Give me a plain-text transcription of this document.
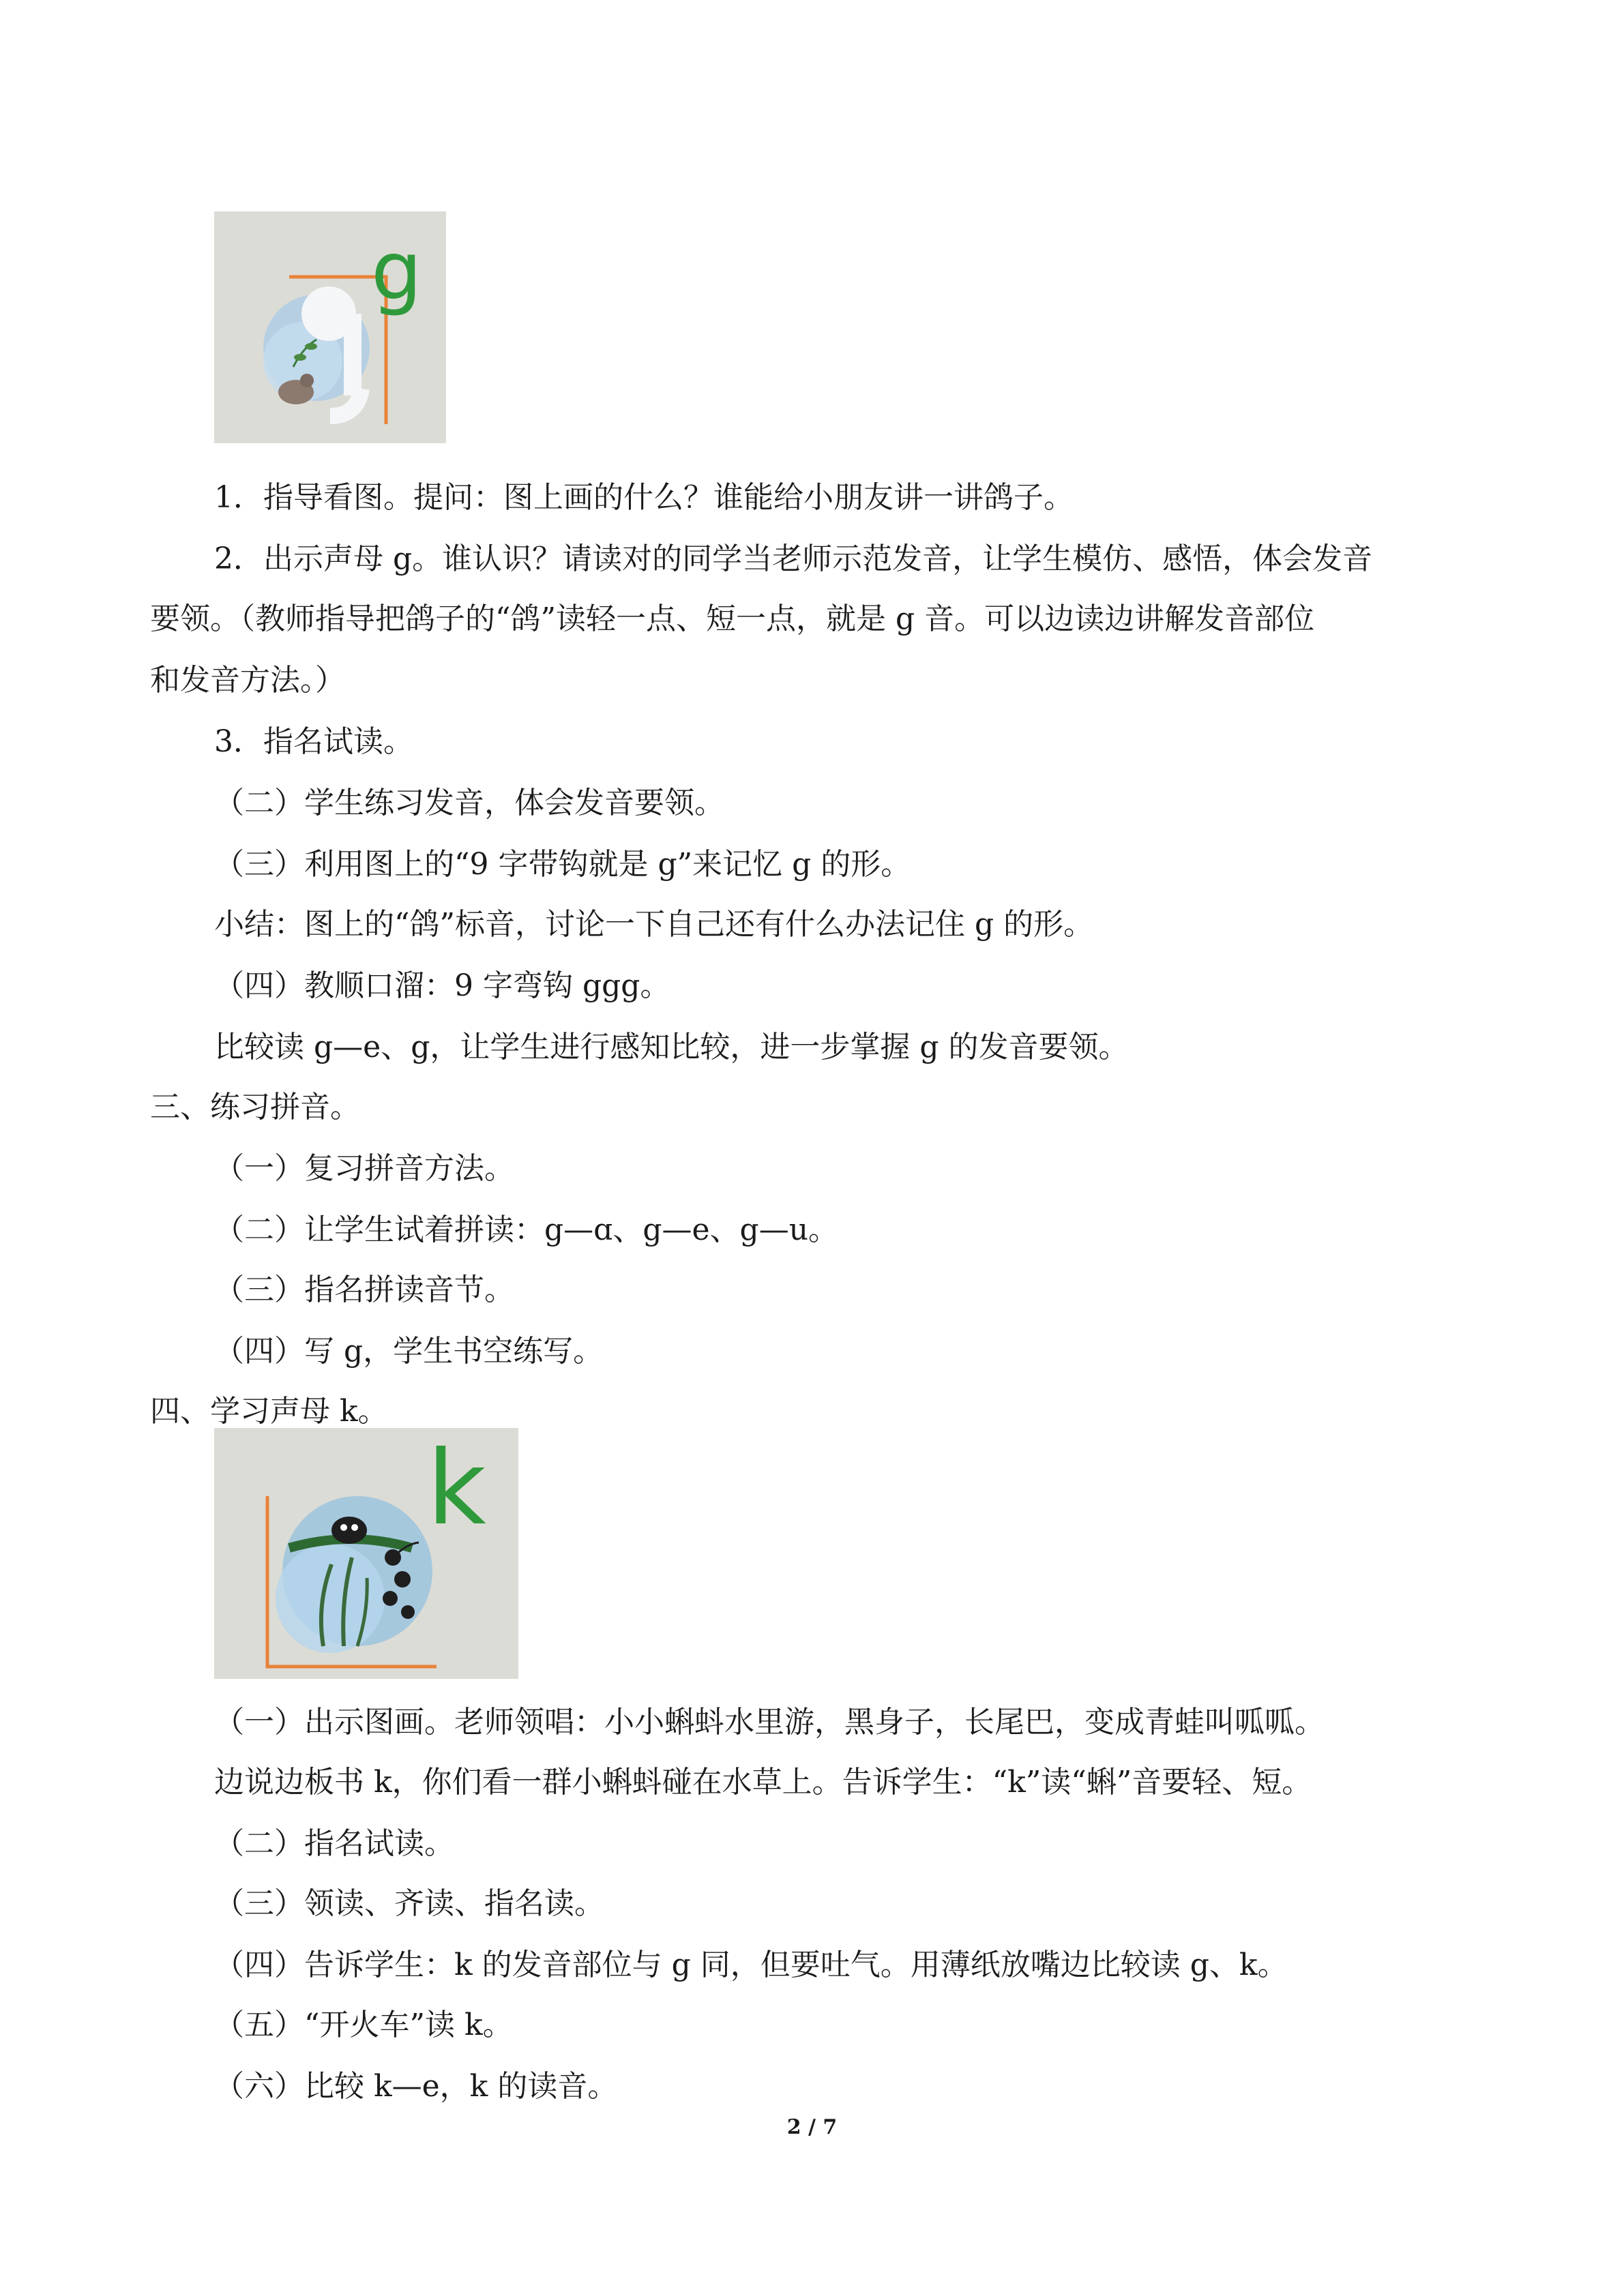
g
k
1．指导看图。提问：图上画的什么？谁能给小朋友讲一讲鸽子。
2．出示声母 g。谁认识？请读对的同学当老师示范发音，让学生模仿、感悟，体会发音
要领。（教师指导把鸽子的“鸽”读轻一点、短一点，就是 g 音。可以边读边讲解发音部位
和发音方法。）
3．指名试读。
（二）学生练习发音，体会发音要领。
（三）利用图上的“9 字带钩就是 g”来记忆 g 的形。
小结：图上的“鸽”标音，讨论一下自己还有什么办法记住 g 的形。
（四）教顺口溜：9 字弯钩 ggg。
比较读 g—e、g，让学生进行感知比较，进一步掌握 g 的发音要领。
三、练习拼音。
（一）复习拼音方法。
（二）让学生试着拼读：g—ɑ、g—e、g—u。
（三）指名拼读音节。
（四）写 g，学生书空练写。
四、学习声母 k。
（一）出示图画。老师领唱：小小蝌蚪水里游，黑身子，长尾巴，变成青蛙叫呱呱。
边说边板书 k，你们看一群小蝌蚪碰在水草上。告诉学生：“k”读“蝌”音要轻、短。
（二）指名试读。
（三）领读、齐读、指名读。
（四）告诉学生：k 的发音部位与 g 同，但要吐气。用薄纸放嘴边比较读 g、k。
（五）“开火车”读 k。
（六）比较 k—e，k 的读音。
2 / 7
